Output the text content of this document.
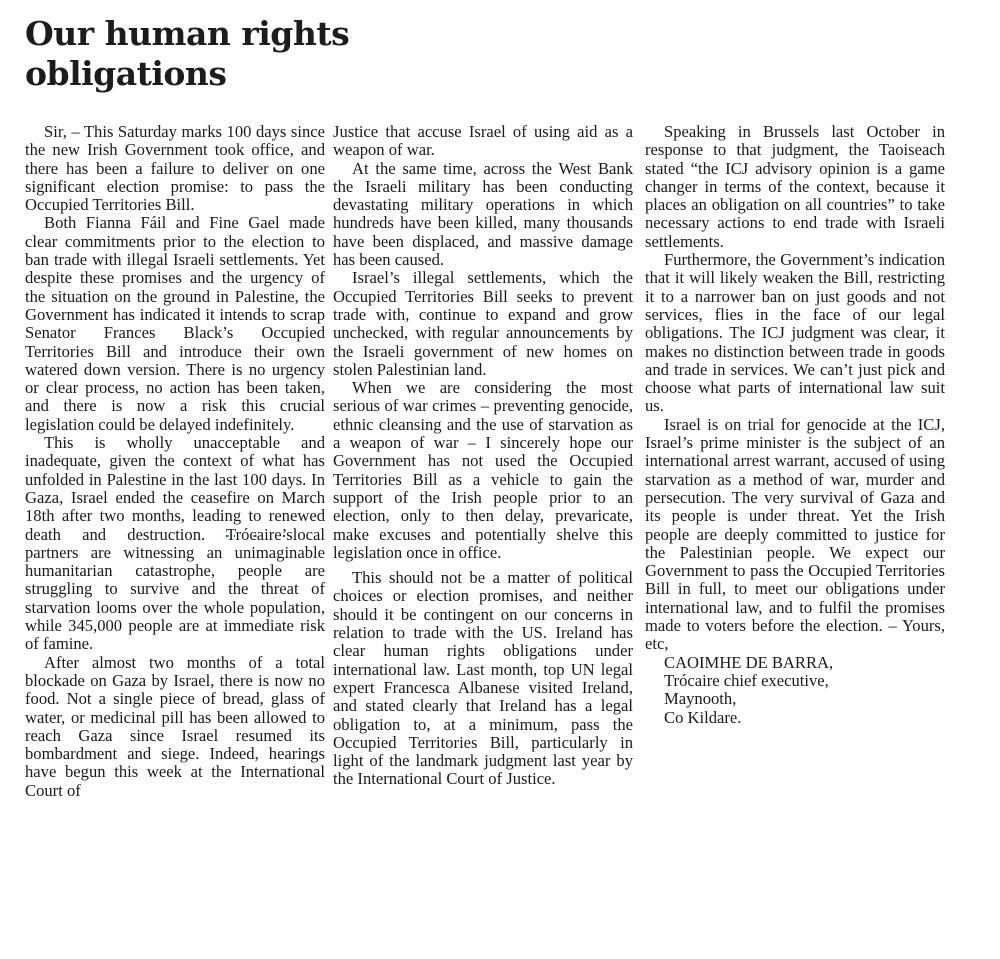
Our human rights obligations

Sir, – This Saturday marks 100 days since the new Irish Government took office, and there has been a failure to deliver on one significant election promise: to pass the Occupied Territories Bill.

Both Fianna Fáil and Fine Gael made clear commitments prior to the election to ban trade with illegal Israeli settlements. Yet despite these promises and the urgency of the situation on the ground in Palestine, the Government has indicated it intends to scrap Senator Frances Black’s Occupied Territories Bill and introduce their own watered down version. There is no urgency or clear process, no action has been taken, and there is now a risk this crucial legislation could be delayed indefinitely.

This is wholly unacceptable and inadequate, given the context of what has unfolded in Palestine in the last 100 days. In Gaza, Israel ended the ceasefire on March 18th after two months, leading to renewed death and destruction. Trócaire’slocal partners are witnessing an unimaginable humanitarian catastrophe, people are struggling to survive and the threat of starvation looms over the whole population, while 345,000 people are at immediate risk of famine.

After almost two months of a total blockade on Gaza by Israel, there is now no food. Not a single piece of bread, glass of water, or medicinal pill has been allowed to reach Gaza since Israel resumed its bombardment and siege. Indeed, hearings have begun this week at the International Court of

Justice that accuse Israel of using aid as a weapon of war.

At the same time, across the West Bank the Israeli military has been conducting devastating military operations in which hundreds have been killed, many thousands have been displaced, and massive damage has been caused.

Israel’s illegal settlements, which the Occupied Territories Bill seeks to prevent trade with, continue to expand and grow unchecked, with regular announcements by the Israeli government of new homes on stolen Palestinian land.

When we are considering the most serious of war crimes – preventing genocide, ethnic cleansing and the use of starvation as a weapon of war – I sincerely hope our Government has not used the Occupied Territories Bill as a vehicle to gain the support of the Irish people prior to an election, only to then delay, prevaricate, make excuses and potentially shelve this legislation once in office.

This should not be a matter of political choices or election promises, and neither should it be contingent on our concerns in relation to trade with the US. Ireland has clear human rights obligations under international law. Last month, top UN legal expert Francesca Albanese visited Ireland, and stated clearly that Ireland has a legal obligation to, at a minimum, pass the Occupied Territories Bill, particularly in light of the landmark judgment last year by the International Court of Justice.

Speaking in Brussels last October in response to that judgment, the Taoiseach stated “the ICJ advisory opinion is a game changer in terms of the context, because it places an obligation on all countries” to take necessary actions to end trade with Israeli settlements.

Furthermore, the Government’s indication that it will likely weaken the Bill, restricting it to a narrower ban on just goods and not services, flies in the face of our legal obligations. The ICJ judgment was clear, it makes no distinction between trade in goods and trade in services. We can’t just pick and choose what parts of international law suit us.

Israel is on trial for genocide at the ICJ, Israel’s prime minister is the subject of an international arrest warrant, accused of using starvation as a method of war, murder and persecution. The very survival of Gaza and its people is under threat. Yet the Irish people are deeply committed to justice for the Palestinian people. We expect our Government to pass the Occupied Territories Bill in full, to meet our obligations under international law, and to fulfil the promises made to voters before the election. – Yours, etc,

CAOIMHE DE BARRA,
Trócaire chief executive,
Maynooth,
Co Kildare.
